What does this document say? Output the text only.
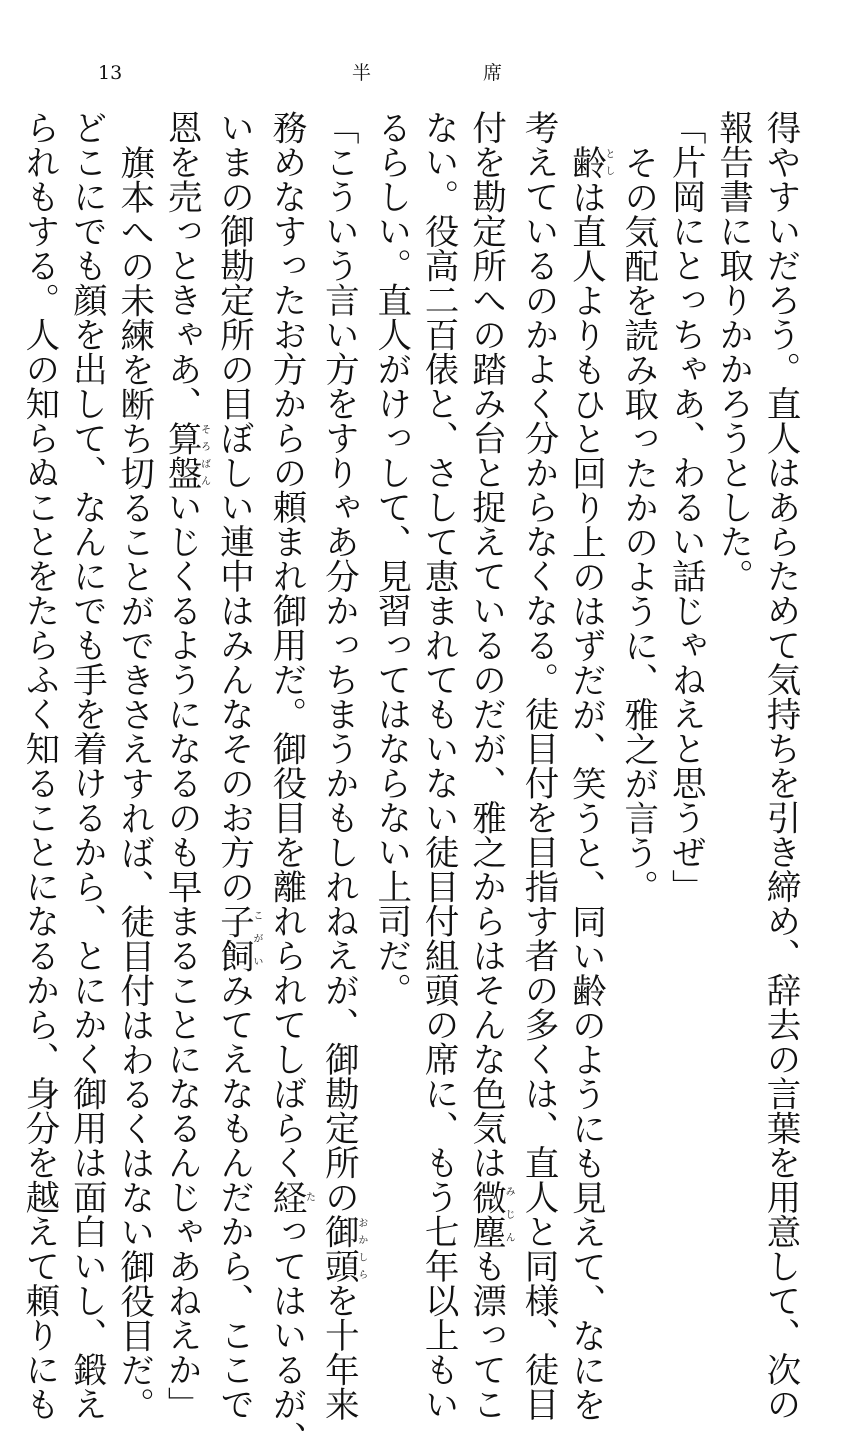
13	半	席

得やすいだろう。直人はあらためて気持ちを引き締め、辞去の言葉を用意して、次の

報告書に取りかかろうとした。

「片岡にとっちゃあ、わるい話じゃねえと思うぜ」

その気配を読み取ったかのように、雅之が言う。

齢としは直人よりもひと回り上のはずだが、笑うと、同い齢のようにも見えて、なにを

考えているのかよく分からなくなる。徒目付を目指す者の多くは、直人と同様、徒目

付を勘定所への踏み台と捉えているのだが、雅之からはそんな色気は微塵みじんも漂ってこ

ない。役高二百俵と、さして恵まれてもいない徒目付組頭の席に、もう七年以上もい

るらしい。直人がけっして、見習ってはならない上司だ。

「こういう言い方をすりゃあ分かっちまうかもしれねえが、御勘定所の御頭おかしらを十年来

務めなすったお方からの頼まれ御用だ。御役目を離れられてしばらく経たってはいるが、

いまの御勘定所の目ぼしい連中はみんなそのお方の子飼こがいみてえなもんだから、ここで

恩を売っときゃあ、算盤そろばんいじくるようになるのも早まることになるんじゃあねえか」

旗本への未練を断ち切ることができさえすれば、徒目付はわるくはない御役目だ。

どこにでも顔を出して、なんにでも手を着けるから、とにかく御用は面白いし、鍛え

られもする。人の知らぬことをたらふく知ることになるから、身分を越えて頼りにも
